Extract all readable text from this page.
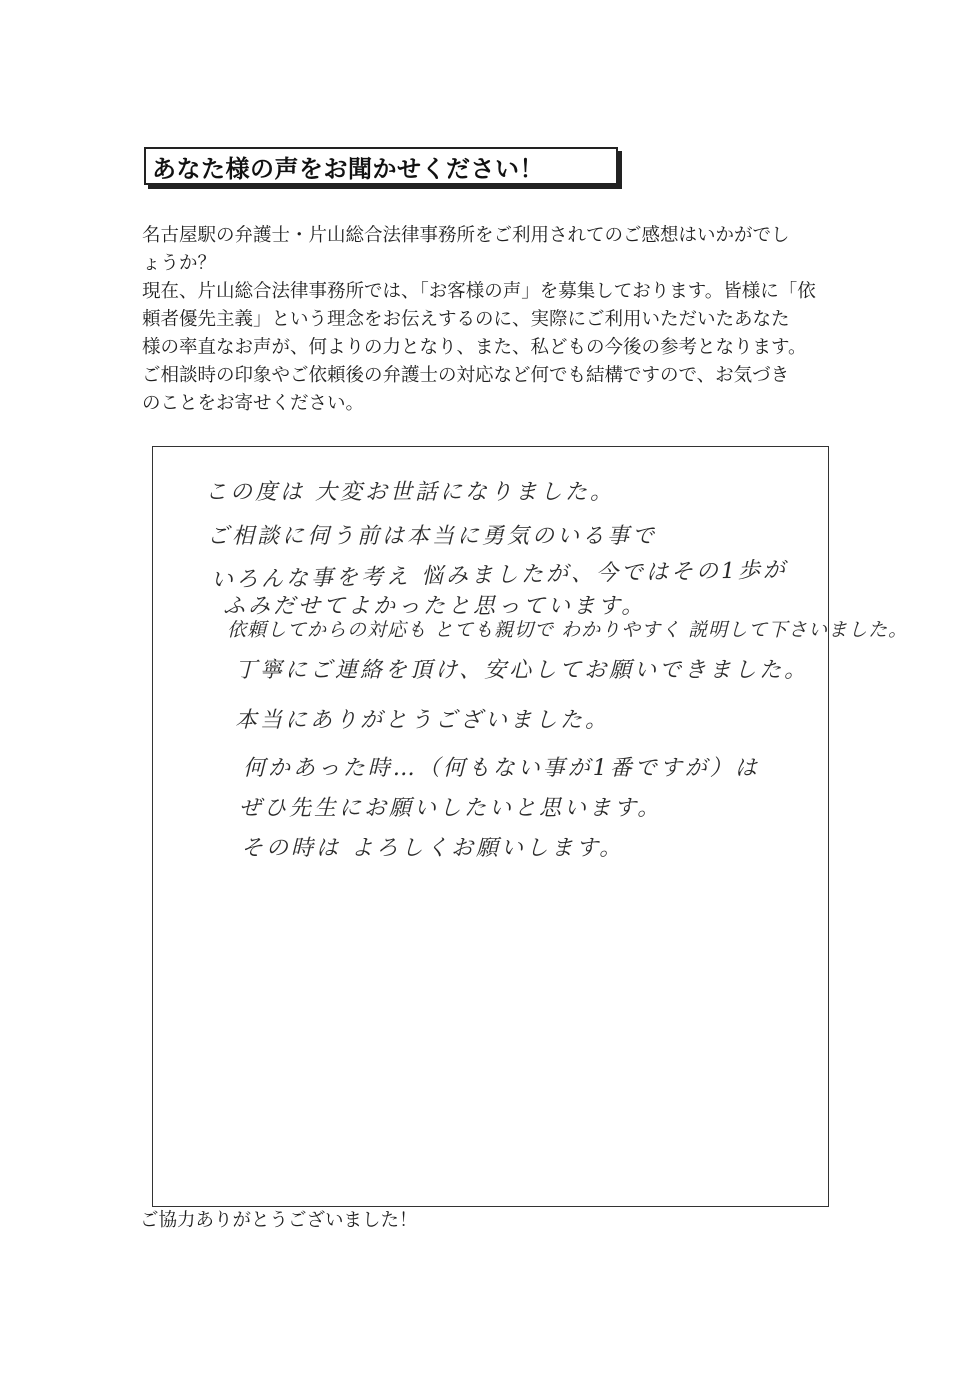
あなた様の声をお聞かせください！

名古屋駅の弁護士・片山総合法律事務所をご利用されてのご感想はいかがでし

ょうか？

現在、片山総合法律事務所では、「お客様の声」を募集しております。皆様に「依

頼者優先主義」という理念をお伝えするのに、実際にご利用いただいたあなた

様の率直なお声が、何よりの力となり、また、私どもの今後の参考となります。

ご相談時の印象やご依頼後の弁護士の対応など何でも結構ですので、お気づき

のことをお寄せください。

この度は 大変お世話になりました。
ご相談に伺う前は本当に勇気のいる事で
いろんな事を考え 悩みましたが、今ではその1歩が
ふみだせてよかったと思っています。
依頼してからの対応も とても親切で わかりやすく 説明して下さいました。
丁寧にご連絡を頂け、安心してお願いできました。
本当にありがとうございました。
何かあった時…（何もない事が1番ですが）は
ぜひ先生にお願いしたいと思います。
その時は よろしくお願いします。
ご協力ありがとうございました！
